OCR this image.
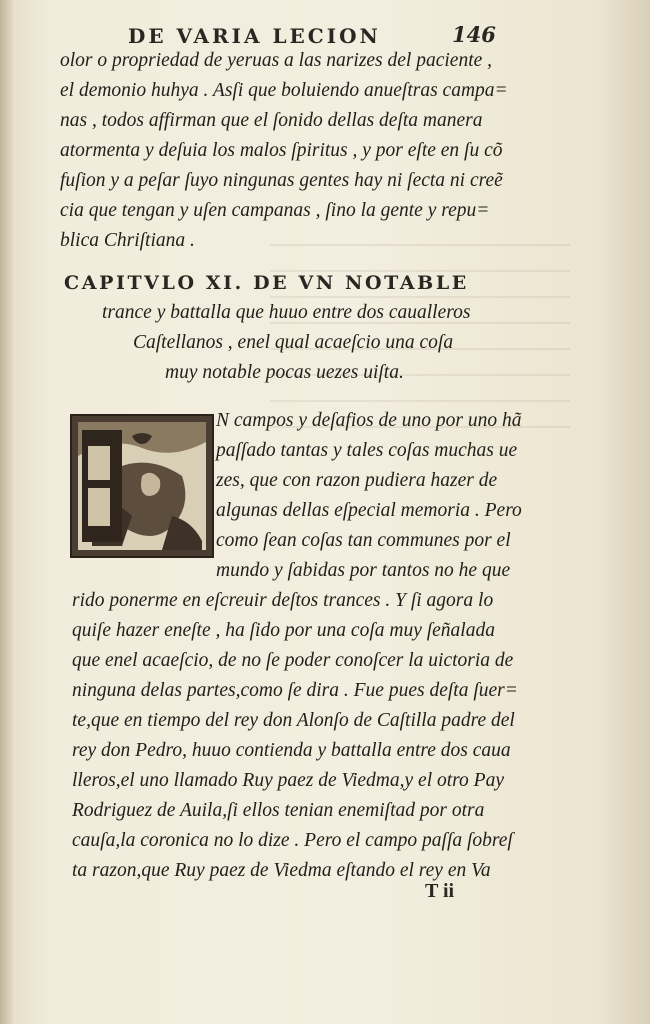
DE VARIA LECION	146
olor o propriedad de yeruas a las narizes del paciente ,
el demonio huhya . Asſi que boluiendo anueſtras campa=
nas , todos affirman que el ſonido dellas deſta manera
atormenta y deſuia los malos ſpiritus , y por eſte en ſu cõ
fuſion y a peſar ſuyo ningunas gentes hay ni ſecta ni creẽ
cia que tengan y uſen campanas , ſino la gente y repu=
blica Chriſtiana .
CAPITVLO XI. DE VN NOTABLE
trance y battalla que huuo entre dos caualleros
Caſtellanos , enel qual acaeſcio una coſa
muy notable pocas uezes uiſta.
N campos y deſafios de uno por uno hã
paſſado tantas y tales coſas muchas ue
zes, que con razon pudiera hazer de
algunas dellas eſpecial memoria . Pero
como ſean coſas tan communes por el
mundo y ſabidas por tantos no he que
rido ponerme en eſcreuir deſtos trances . Y ſi agora lo
quiſe hazer eneſte , ha ſido por una coſa muy ſeñalada
que enel acaeſcio, de no ſe poder conoſcer la uictoria de
ninguna delas partes,como ſe dira . Fue pues deſta ſuer=
te,que en tiempo del rey don Alonſo de Caſtilla padre del
rey don Pedro, huuo contienda y battalla entre dos caua
lleros,el uno llamado Ruy paez de Viedma,y el otro Pay
Rodriguez de Auila,ſi ellos tenian enemiſtad por otra
cauſa,la coronica no lo dize . Pero el campo paſſa ſobreſ
ta razon,que Ruy paez de Viedma eſtando el rey en Va
T ii
